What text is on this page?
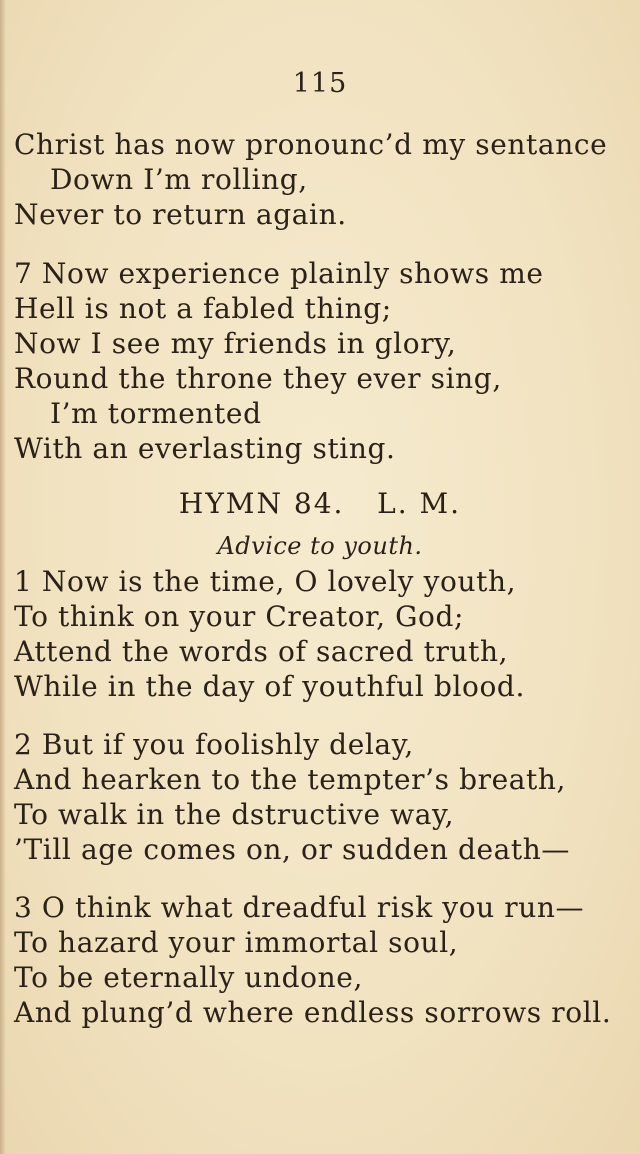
115
Christ has now pronounc’d my sentance
Down I’m rolling,
Never to return again.
7 Now experience plainly shows me
Hell is not a fabled thing;
Now I see my friends in glory,
Round the throne they ever sing,
I’m tormented
With an everlasting sting.
HYMN 84.   L. M.
Advice to youth.
1 Now is the time, O lovely youth,
To think on your Creator, God;
Attend the words of sacred truth,
While in the day of youthful blood.
2 But if you foolishly delay,
And hearken to the tempter’s breath,
To walk in the dstructive way,
’Till age comes on, or sudden death—
3 O think what dreadful risk you run—
To hazard your immortal soul,
To be eternally undone,
And plung’d where endless sorrows roll.
